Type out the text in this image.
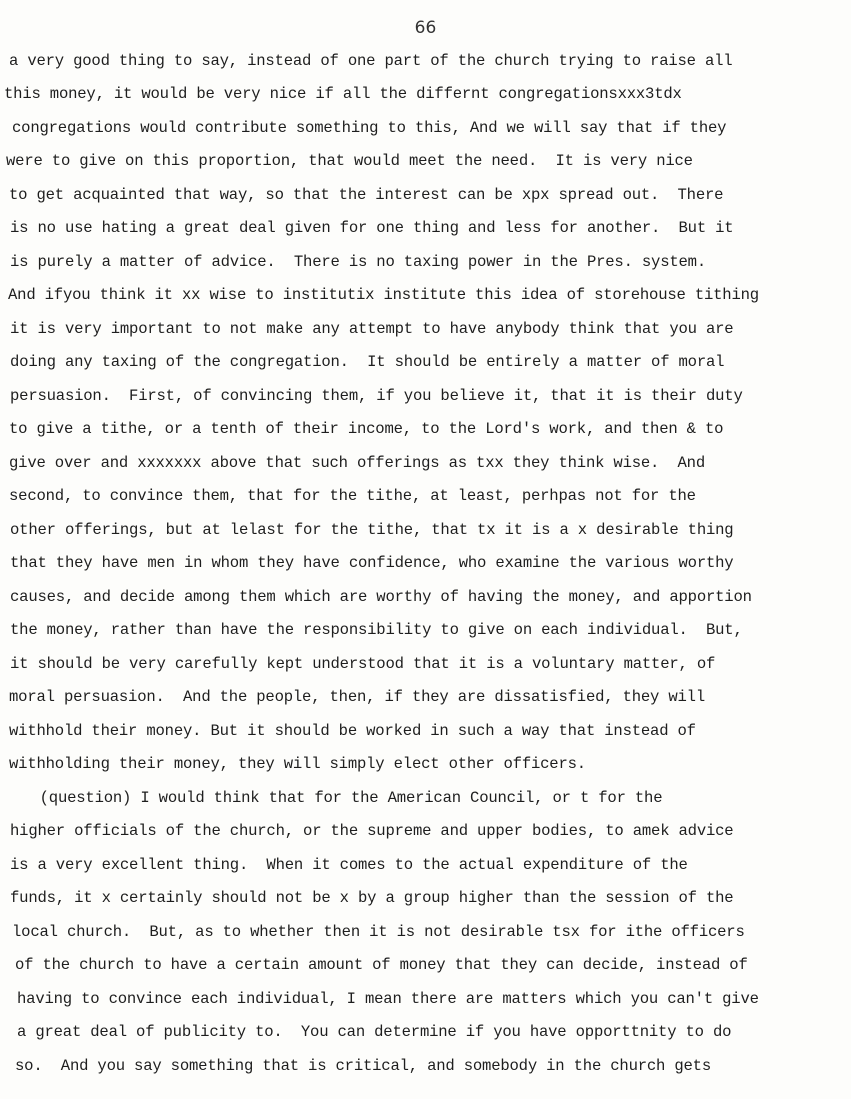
66
a very good thing to say, instead of one part of the church trying to raise all
this money, it would be very nice if all the differnt congregationsxxx3tdx
congregations would contribute something to this, And we will say that if they
were to give on this proportion, that would meet the need.  It is very nice
to get acquainted that way, so that the interest can be xpx spread out.  There
is no use hating a great deal given for one thing and less for another.  But it
is purely a matter of advice.  There is no taxing power in the Pres. system.
And ifyou think it xx wise to institutix institute this idea of storehouse tithing
it is very important to not make any attempt to have anybody think that you are
doing any taxing of the congregation.  It should be entirely a matter of moral
persuasion.  First, of convincing them, if you believe it, that it is their duty
to give a tithe, or a tenth of their income, to the Lord's work, and then & to
give over and xxxxxxx above that such offerings as txx they think wise.  And
second, to convince them, that for the tithe, at least, perhpas not for the
other offerings, but at lelast for the tithe, that tx it is a x desirable thing
that they have men in whom they have confidence, who examine the various worthy
causes, and decide among them which are worthy of having the money, and apportion
the money, rather than have the responsibility to give on each individual.  But,
it should be very carefully kept understood that it is a voluntary matter, of
moral persuasion.  And the people, then, if they are dissatisfied, they will
withhold their money. But it should be worked in such a way that instead of
withholding their money, they will simply elect other officers.
(question) I would think that for the American Council, or t for the
higher officials of the church, or the supreme and upper bodies, to amek advice
is a very excellent thing.  When it comes to the actual expenditure of the
funds, it x certainly should not be x by a group higher than the session of the
local church.  But, as to whether then it is not desirable tsx for ithe officers
of the church to have a certain amount of money that they can decide, instead of
having to convince each individual, I mean there are matters which you can't give
a great deal of publicity to.  You can determine if you have opporttnity to do
so.  And you say something that is critical, and somebody in the church gets
